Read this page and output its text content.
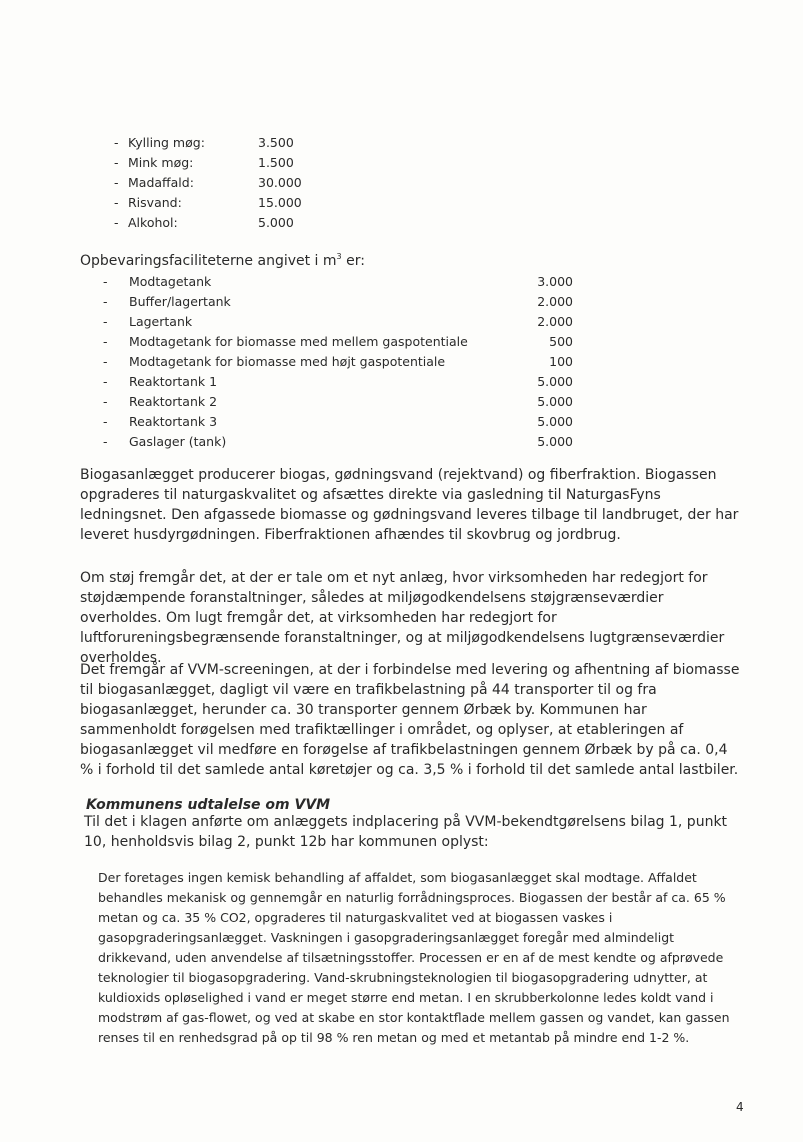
- Kylling møg:	3.500
- Mink møg:	1.500
- Madaffald:	30.000
- Risvand:	15.000
- Alkohol:	5.000
Opbevaringsfaciliteterne angivet i $m^3$ er:
- Modtagetank	3.000
- Buffer/lagertank	2.000
- Lagertank	2.000
- Modtagetank for biomasse med mellem gaspotentiale	500
- Modtagetank for biomasse med højt gaspotentiale	100
- Reaktortank 1	5.000
- Reaktortank 2	5.000
- Reaktortank 3	5.000
- Gaslager (tank)	5.000

Biogasanlægget producerer biogas, gødningsvand (rejektvand) og fiberfraktion. Biogassen opgraderes til naturgaskvalitet og afsættes direkte via gasledning til NaturgasFyns ledningsnet. Den afgassede biomasse og gødningsvand leveres tilbage til landbruget, der har leveret husdyrgødningen. Fiberfraktionen afhændes til skovbrug og jordbrug.

Om støj fremgår det, at der er tale om et nyt anlæg, hvor virksomheden har redegjort for støjdæmpende foranstaltninger, således at miljøgodkendelsens støjgrænseværdier overholdes. Om lugt fremgår det, at virksomheden har redegjort for luftforureningsbegrænsende foranstaltninger, og at miljøgodkendelsens lugtgrænseværdier overholdes.

Det fremgår af VVM-screeningen, at der i forbindelse med levering og afhentning af biomasse til biogasanlægget, dagligt vil være en trafikbelastning på 44 transporter til og fra biogasanlægget, herunder ca. 30 transporter gennem Ørbæk by. Kommunen har sammenholdt forøgelsen med trafiktællinger i området, og oplyser, at etableringen af biogasanlægget vil medføre en forøgelse af trafikbelastningen gennem Ørbæk by på ca. 0,4 % i forhold til det samlede antal køretøjer og ca. 3,5 % i forhold til det samlede antal lastbiler.

Kommunens udtalelse om VVM

Til det i klagen anførte om anlæggets indplacering på VVM-bekendtgørelsens bilag 1, punkt 10, henholdsvis bilag 2, punkt 12b har kommunen oplyst:

Der foretages ingen kemisk behandling af affaldet, som biogasanlægget skal modtage. Affaldet behandles mekanisk og gennemgår en naturlig forrådningsproces. Biogassen der består af ca. 65 % metan og ca. 35 % CO2, opgraderes til naturgaskvalitet ved at biogassen vaskes i gasopgraderingsanlægget. Vaskningen i gasopgraderingsanlægget foregår med almindeligt drikkevand, uden anvendelse af tilsætningsstoffer. Processen er en af de mest kendte og afprøvede teknologier til biogasopgradering. Vand-skrubningsteknologien til biogasopgradering udnytter, at kuldioxids opløselighed i vand er meget større end metan. I en skrubberkolonne ledes koldt vand i modstrøm af gas-flowet, og ved at skabe en stor kontaktflade mellem gassen og vandet, kan gassen renses til en renhedsgrad på op til 98 % ren metan og med et metantab på mindre end 1-2 %.

4
